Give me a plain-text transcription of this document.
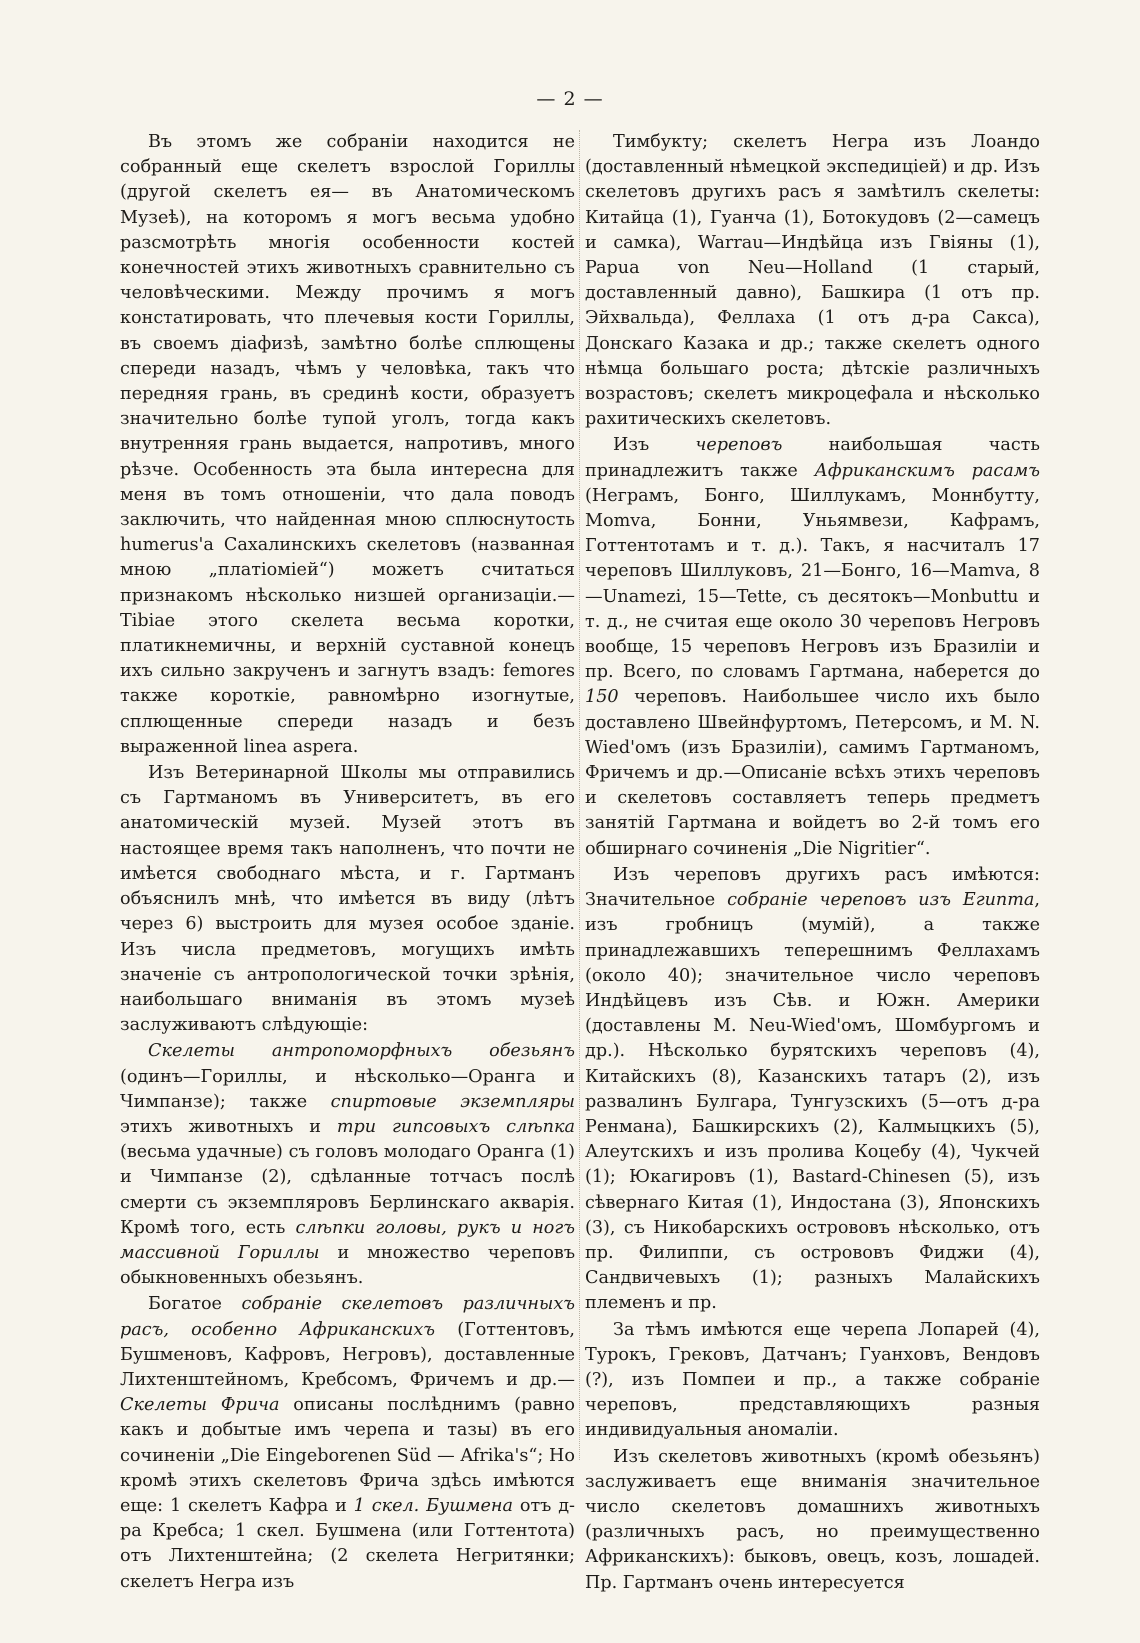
— 2 —

Въ этомъ же собраніи находится не собранный еще скелетъ взрослой Гориллы (другой скелетъ ея— въ Анатомическомъ Музеѣ), на которомъ я могъ весьма удобно разсмотрѣть многія особенности костей конечностей этихъ животныхъ сравнительно съ человѣческими. Между прочимъ я могъ констатировать, что плечевыя кости Гориллы, въ своемъ діафизѣ, замѣтно болѣе сплющены спереди назадъ, чѣмъ у человѣка, такъ что передняя грань, въ срединѣ кости, образуетъ значительно болѣе тупой уголъ, тогда какъ внутренняя грань выдается, напротивъ, много рѣзче. Особенность эта была интересна для меня въ томъ отношеніи, что дала поводъ заключить, что найденная мною сплюснутость humerus'a Сахалинскихъ скелетовъ (названная мною „платіоміей“) можетъ считаться признакомъ нѣсколько низшей организаціи.—Tibiae этого скелета весьма коротки, платикнемичны, и верхній суставной конецъ ихъ сильно закрученъ и загнутъ взадъ: femores также короткіе, равномѣрно изогнутые, сплющенные спереди назадъ и безъ выраженной linea aspera.

Изъ Ветеринарной Школы мы отправились съ Гартманомъ въ Университетъ, въ его анатомическій музей. Музей этотъ въ настоящее время такъ наполненъ, что почти не имѣется свободнаго мѣста, и г. Гартманъ объяснилъ мнѣ, что имѣется въ виду (лѣтъ через 6) выстроить для музея особое зданіе. Изъ числа предметовъ, могущихъ имѣть значеніе съ антропологической точки зрѣнія, наибольшаго вниманія въ этомъ музеѣ заслуживаютъ слѣдующіе:

Скелеты антропоморфныхъ обезьянъ (одинъ—Гориллы, и нѣсколько—Оранга и Чимпанзе); также спиртовые экземпляры этихъ животныхъ и три гипсовыхъ слѣпка (весьма удачные) съ головъ молодаго Оранга (1) и Чимпанзе (2), сдѣланные тотчасъ послѣ смерти съ экземпляровъ Берлинскаго акварія. Кромѣ того, есть слѣпки головы, рукъ и ногъ массивной Гориллы и множество череповъ обыкновенныхъ обезьянъ.

Богатое собраніе скелетовъ различныхъ расъ, особенно Африканскихъ (Готтентовъ, Бушменовъ, Кафровъ, Негровъ), доставленные Лихтенштейномъ, Кребсомъ, Фричемъ и др.—Скелеты Фрича описаны послѣднимъ (равно какъ и добытые имъ черепа и тазы) въ его сочиненіи „Die Eingeborenen Süd — Afrika's“; Но кромѣ этихъ скелетовъ Фрича здѣсь имѣются еще: 1 скелетъ Кафра и 1 скел. Бушмена отъ д-ра Кребса; 1 скел. Бушмена (или Готтентота) отъ Лихтенштейна; (2 скелета Негритянки; скелетъ Негра изъ

Тимбукту; скелетъ Негра изъ Лоандо (доставленный нѣмецкой экспедиціей) и др. Изъ скелетовъ другихъ расъ я замѣтилъ скелеты: Китайца (1), Гуанча (1), Ботокудовъ (2—самецъ и самка), Warrau—Индѣйца изъ Гвіяны (1), Papua von Neu—Holland (1 старый, доставленный давно), Башкира (1 отъ пр. Эйхвальда), Феллаха (1 отъ д-ра Сакса), Донскаго Казака и др.; также скелетъ одного нѣмца большаго роста; дѣтскіе различныхъ возрастовъ; скелетъ микроцефала и нѣсколько рахитическихъ скелетовъ.

Изъ череповъ наибольшая часть принадлежитъ также Африканскимъ расамъ (Неграмъ, Бонго, Шиллукамъ, Моннбутту, Momva, Бонни, Уньямвези, Кафрамъ, Готтентотамъ и т. д.). Такъ, я насчиталъ 17 череповъ Шиллуковъ, 21—Бонго, 16—Mamva, 8—Unamezi, 15—Tette, съ десятокъ—Monbuttu и т. д., не считая еще около 30 череповъ Негровъ вообще, 15 череповъ Негровъ изъ Бразиліи и пр. Всего, по словамъ Гартмана, наберется до 150 череповъ. Наибольшее число ихъ было доставлено Швейнфуртомъ, Петерсомъ, и M. N. Wied'омъ (изъ Бразиліи), самимъ Гартманомъ, Фричемъ и др.—Описаніе всѣхъ этихъ череповъ и скелетовъ составляетъ теперь предметъ занятій Гартмана и войдетъ во 2-й томъ его обширнаго сочиненія „Die Nigritier“.

Изъ череповъ другихъ расъ имѣются: Значительное собраніе череповъ изъ Египта, изъ гробницъ (мумій), а также принадлежавшихъ теперешнимъ Феллахамъ (около 40); значительное число череповъ Индѣйцевъ изъ Сѣв. и Южн. Америки (доставлены M. Neu-Wied'омъ, Шомбургомъ и др.). Нѣсколько бурятскихъ череповъ (4), Китайскихъ (8), Казанскихъ татаръ (2), изъ развалинъ Булгара, Тунгузскихъ (5—отъ д-ра Ренмана), Башкирскихъ (2), Калмыцкихъ (5), Алеутскихъ и изъ пролива Коцебу (4), Чукчей (1); Юкагировъ (1), Bastard-Chinesen (5), изъ сѣвернаго Китая (1), Индостана (3), Японскихъ (3), съ Никобарскихъ острововъ нѣсколько, отъ пр. Филиппи, съ острововъ Фиджи (4), Сандвичевыхъ (1); разныхъ Малайскихъ племенъ и пр.

За тѣмъ имѣются еще черепа Лопарей (4), Турокъ, Грековъ, Датчанъ; Гуанховъ, Вендовъ (?), изъ Помпеи и пр., а также собраніе череповъ, представляющихъ разныя индивидуальныя аномаліи.

Изъ скелетовъ животныхъ (кромѣ обезьянъ) заслуживаетъ еще вниманія значительное число скелетовъ домашнихъ животныхъ (различныхъ расъ, но преимущественно Африканскихъ): быковъ, овецъ, козъ, лошадей. Пр. Гартманъ очень интересуется
